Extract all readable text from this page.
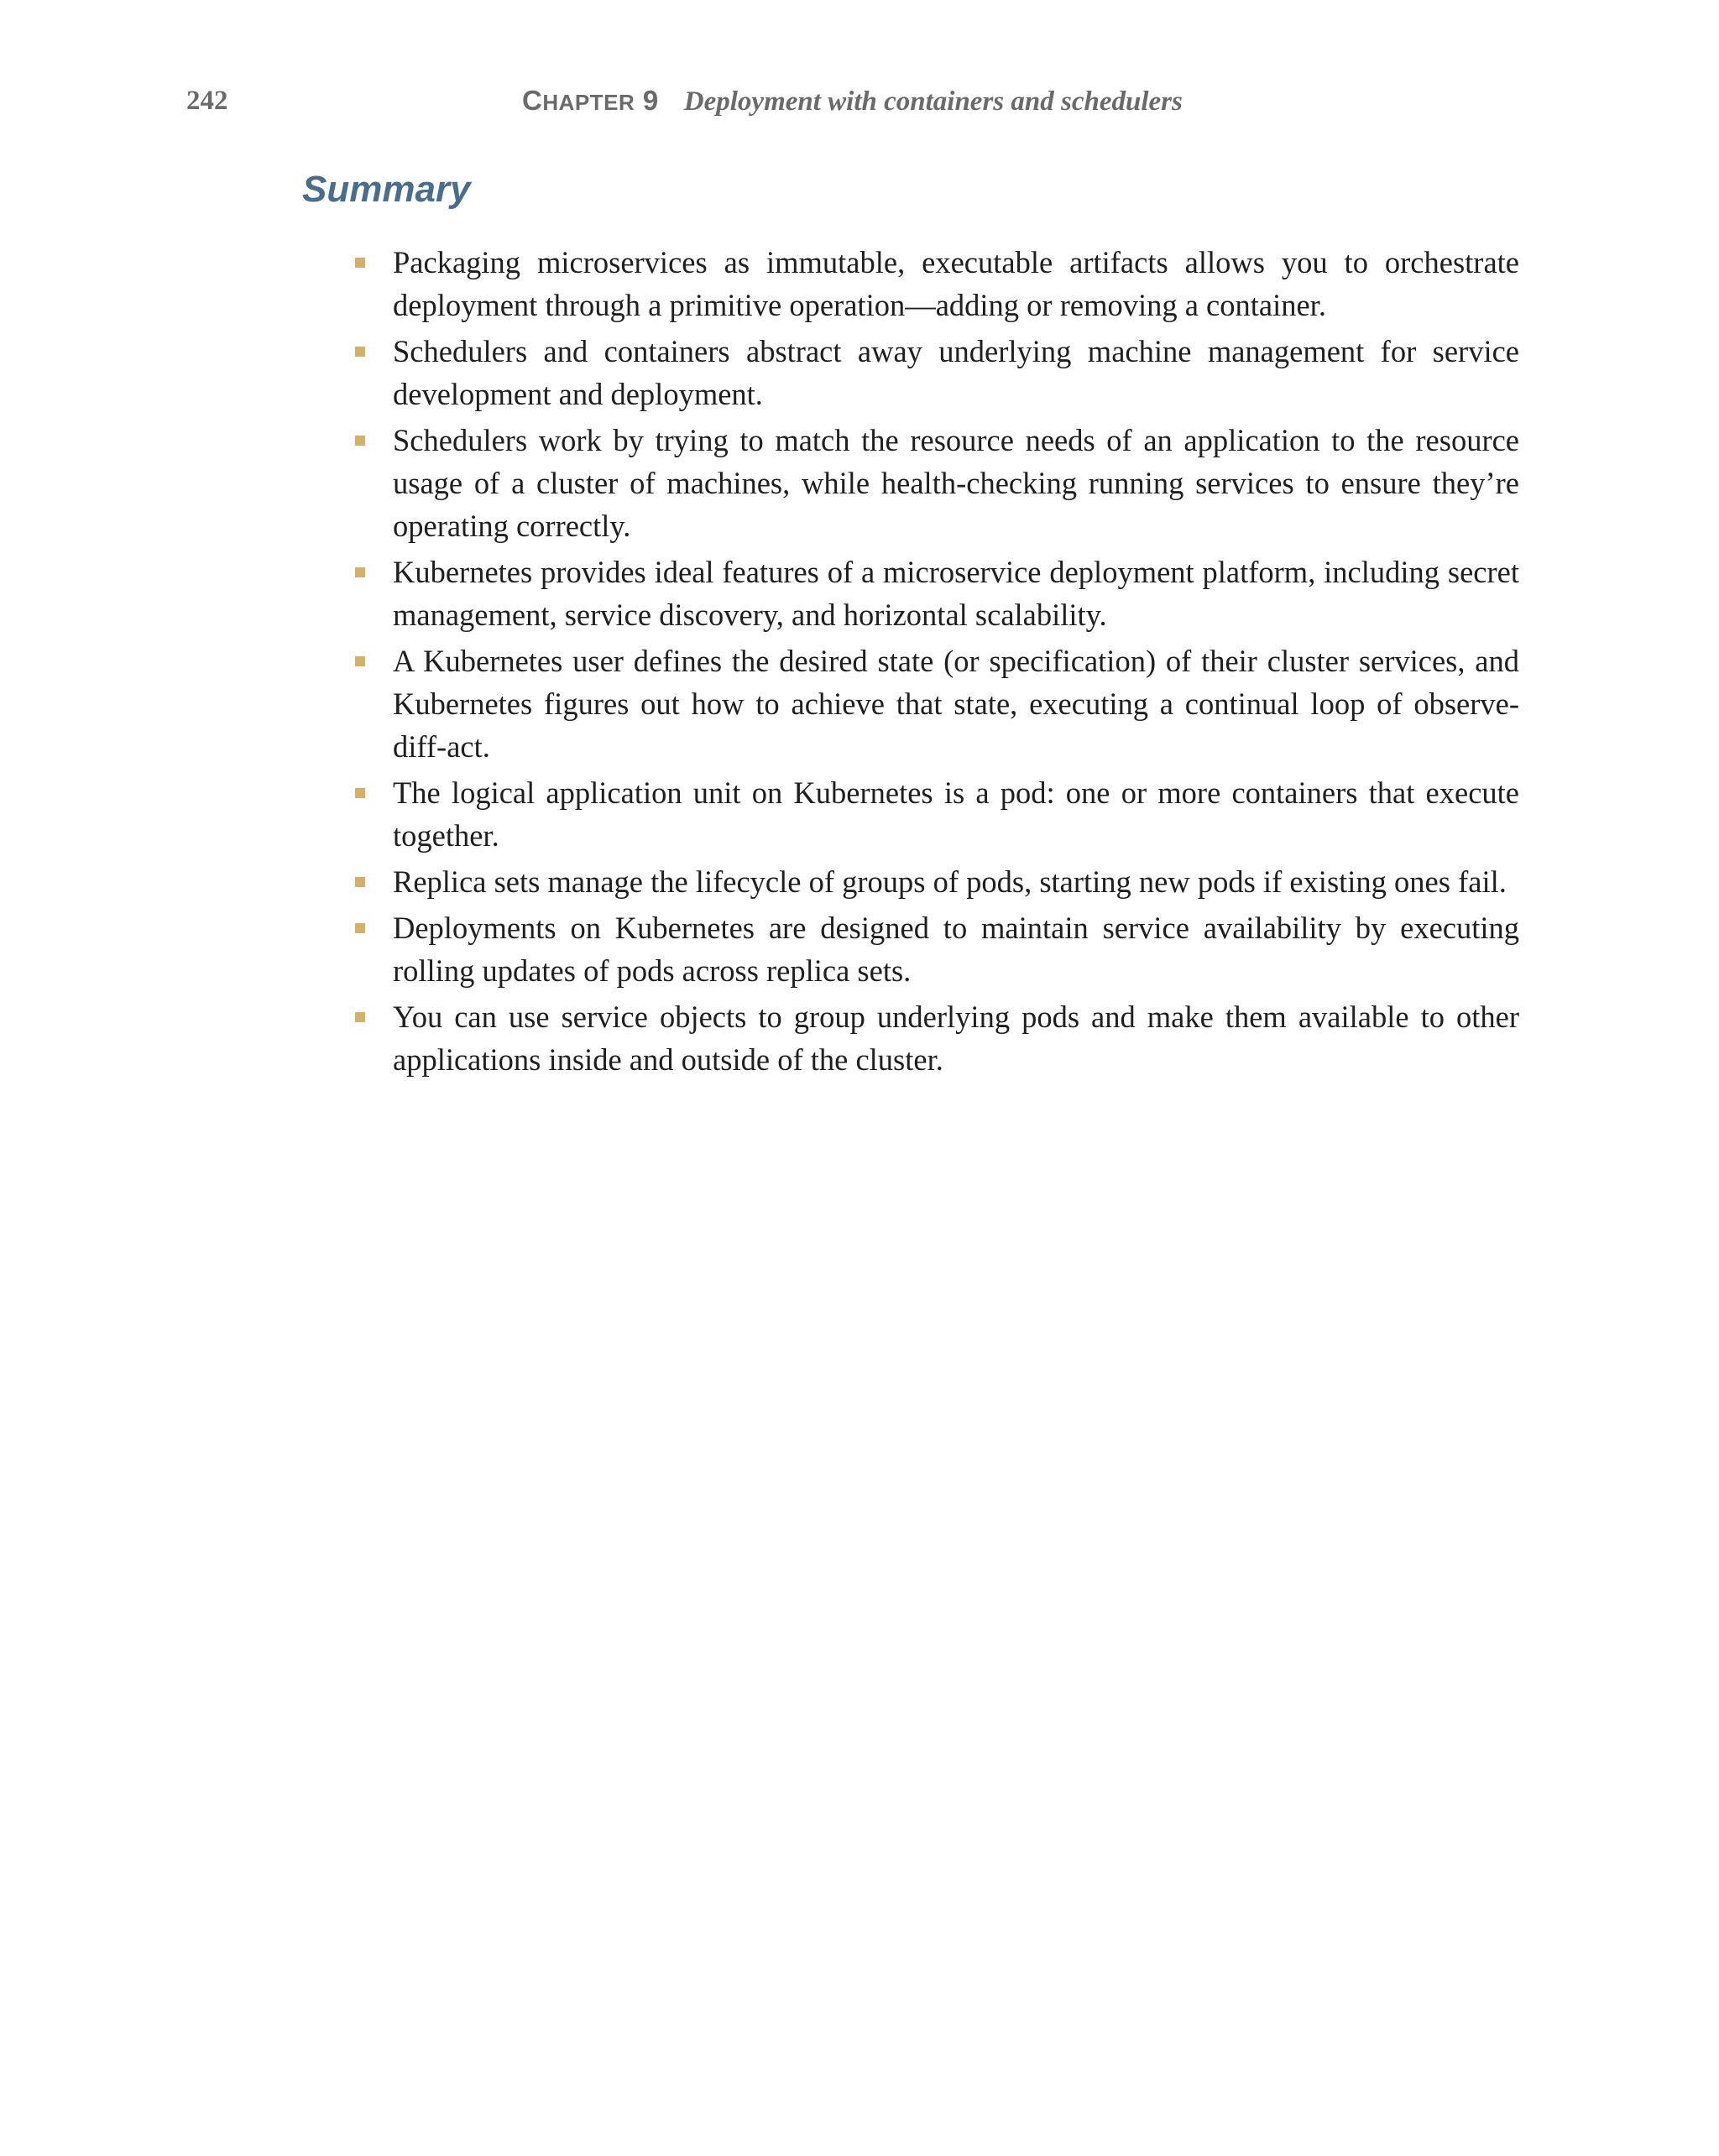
242	CHAPTER 9 Deployment with containers and schedulers
Summary
Packaging microservices as immutable, executable artifacts allows you to orchestrate deployment through a primitive operation—adding or removing a container.
Schedulers and containers abstract away underlying machine management for service development and deployment.
Schedulers work by trying to match the resource needs of an application to the resource usage of a cluster of machines, while health-checking running services to ensure they’re operating correctly.
Kubernetes provides ideal features of a microservice deployment platform, including secret management, service discovery, and horizontal scalability.
A Kubernetes user defines the desired state (or specification) of their cluster services, and Kubernetes figures out how to achieve that state, executing a continual loop of observe-diff-act.
The logical application unit on Kubernetes is a pod: one or more containers that execute together.
Replica sets manage the lifecycle of groups of pods, starting new pods if existing ones fail.
Deployments on Kubernetes are designed to maintain service availability by executing rolling updates of pods across replica sets.
You can use service objects to group underlying pods and make them available to other applications inside and outside of the cluster.
